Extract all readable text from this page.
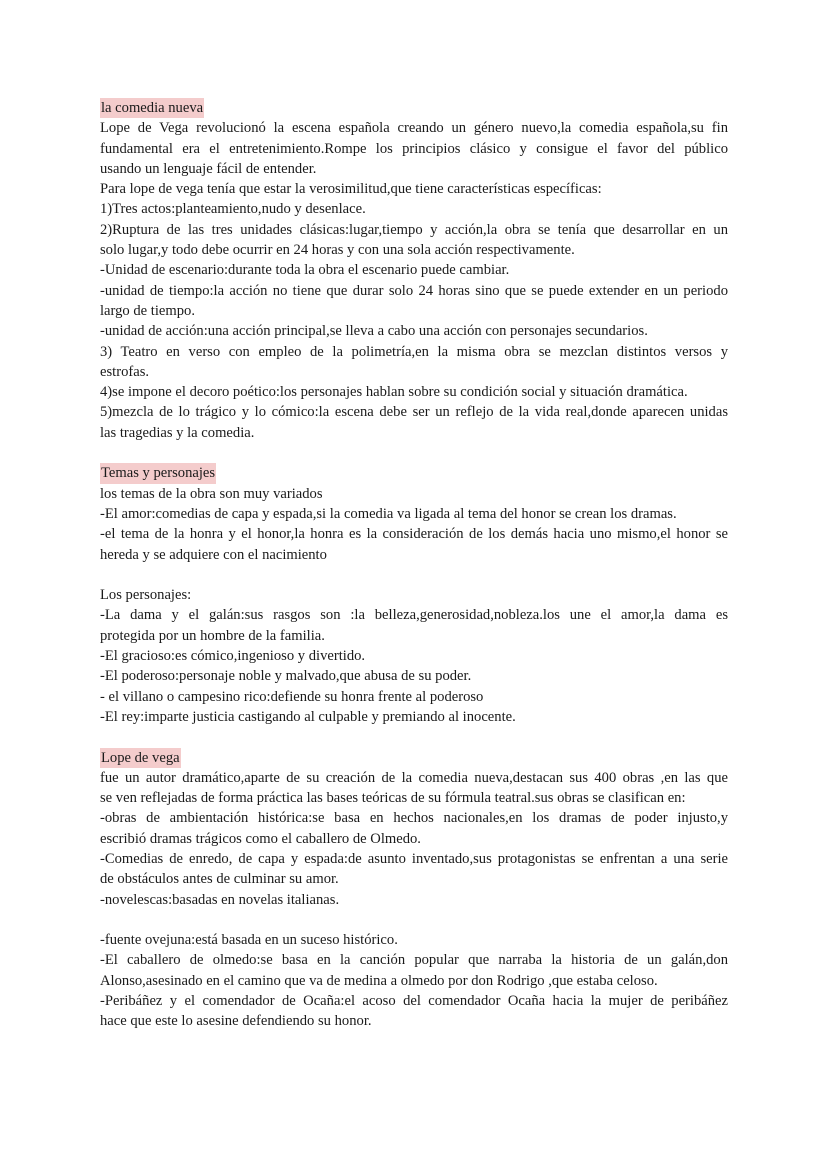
la comedia nueva
Lope de Vega revolucionó la escena española creando un género nuevo,la comedia española,su fin
fundamental era el entretenimiento.Rompe los principios clásico y consigue el favor del público
usando un lenguaje fácil de entender.
Para lope de vega tenía que estar la verosimilitud,que tiene características específicas:
1)Tres actos:planteamiento,nudo y desenlace.
2)Ruptura de las tres unidades clásicas:lugar,tiempo y acción,la obra se tenía que desarrollar en un
solo lugar,y todo debe ocurrir en 24 horas y con una sola acción respectivamente.
-Unidad de escenario:durante toda la obra el escenario puede cambiar.
-unidad de tiempo:la acción no tiene que durar solo 24 horas sino que se puede extender en un periodo
largo de tiempo.
-unidad de acción:una acción principal,se lleva a cabo una acción con personajes secundarios.
3) Teatro en verso con empleo de la polimetría,en la misma obra se mezclan distintos versos y
estrofas.
4)se impone el decoro poético:los personajes hablan sobre su condición social y situación dramática.
5)mezcla de lo trágico y lo cómico:la escena debe ser un reflejo de la vida real,donde aparecen unidas
las tragedias y la comedia.
Temas y personajes
los temas de la obra son muy variados
-El amor:comedias de capa y espada,si la comedia va ligada al tema del honor se crean los dramas.
-el tema de la honra y el honor,la honra es la consideración de los demás hacia uno mismo,el honor se
hereda y se adquiere con el nacimiento
Los personajes:
-La dama y el galán:sus rasgos son :la belleza,generosidad,nobleza.los une el amor,la dama es
protegida por un hombre de la familia.
-El gracioso:es cómico,ingenioso y divertido.
-El poderoso:personaje noble y malvado,que abusa de su poder.
- el villano o campesino rico:defiende su honra frente al poderoso
-El rey:imparte justicia castigando al culpable y premiando al inocente.
Lope de vega
fue un autor dramático,aparte de su creación de la comedia nueva,destacan sus 400 obras ,en las que
se ven reflejadas de forma práctica las bases teóricas de su fórmula teatral.sus obras se clasifican en:
-obras de ambientación histórica:se basa en hechos nacionales,en los dramas de poder injusto,y
escribió dramas trágicos como el caballero de Olmedo.
-Comedias de enredo, de capa y espada:de asunto inventado,sus protagonistas se enfrentan a una serie
de obstáculos antes de culminar su amor.
-novelescas:basadas en novelas italianas.
-fuente ovejuna:está basada en un suceso histórico.
-El caballero de olmedo:se basa en la canción popular que narraba la historia de un galán,don
Alonso,asesinado en el camino que va de medina a olmedo por don Rodrigo ,que estaba celoso.
-Peribáñez y el comendador de Ocaña:el acoso del comendador Ocaña hacia la mujer de peribáñez
hace que este lo asesine defendiendo su honor.
